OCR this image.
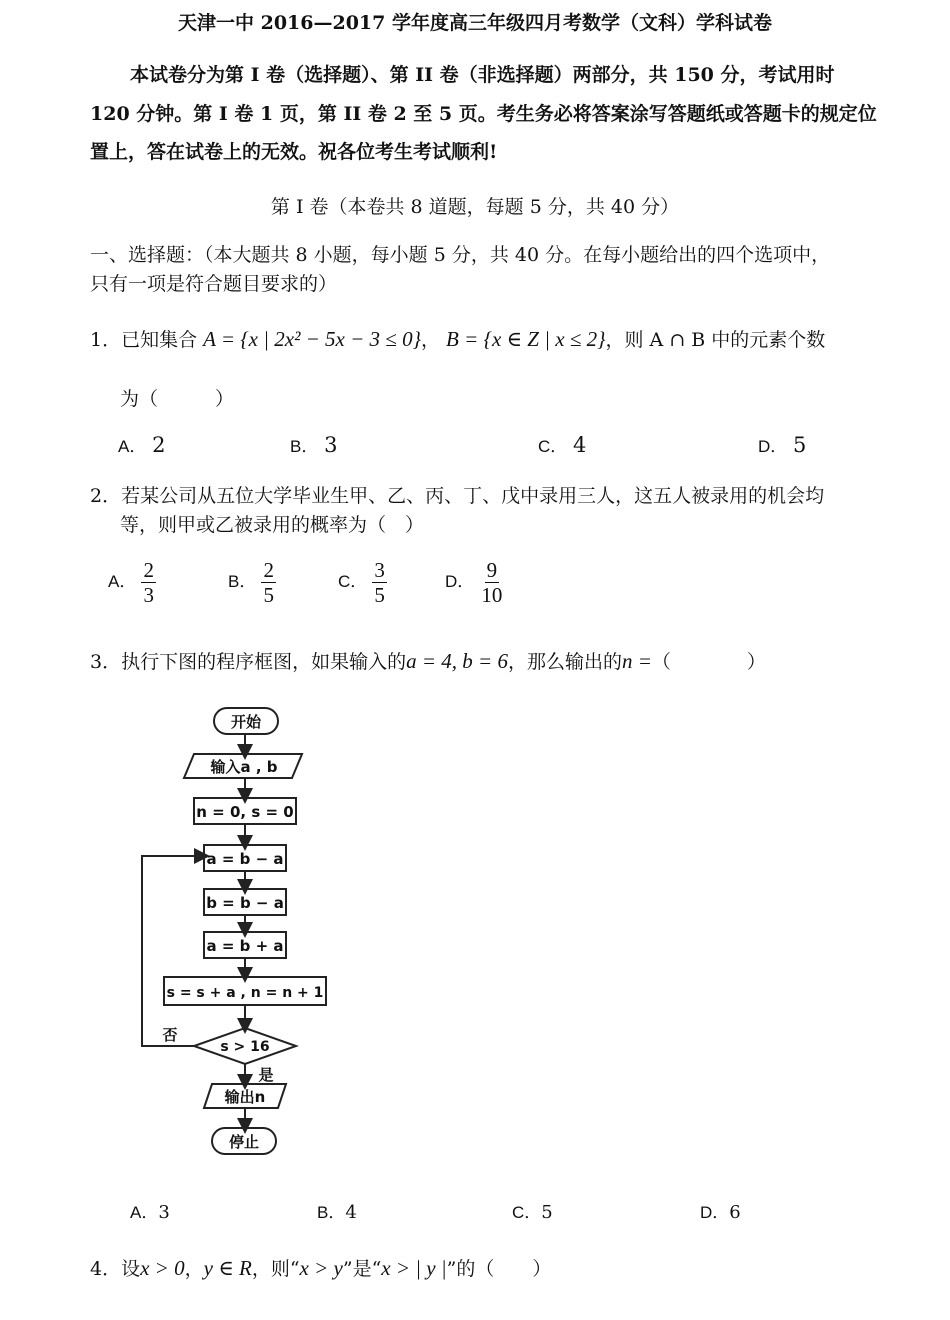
天津一中 2016—2017 学年度高三年级四月考数学（文科）学科试卷
本试卷分为第 I 卷（选择题）、第 II 卷（非选择题）两部分，共 150 分，考试用时
120 分钟。第 I 卷 1 页，第 II 卷 2 至 5 页。考生务必将答案涂写答题纸或答题卡的规定位
置上，答在试卷上的无效。祝各位考生考试顺利!
第 I 卷（本卷共 8 道题，每题 5 分，共 40 分）
一、选择题：（本大题共 8 小题，每小题 5 分，共 40 分。在每小题给出的四个选项中，
只有一项是符合题目要求的）
1．已知集合 A = {x | 2x² − 5x − 3 ≤ 0}， B = {x ∈ Z | x ≤ 2}，则 A ∩ B 中的元素个数
为（　　　）
A． 2	B． 3	C． 4	D． 5
2．若某公司从五位大学毕业生甲、乙、丙、丁、戊中录用三人，这五人被录用的机会均
等，则甲或乙被录用的概率为（　）
A． $\frac{2}{3}$	B． $\frac{2}{5}$	C． $\frac{3}{5}$	D． $\frac{9}{10}$
3．执行下图的程序框图，如果输入的a = 4, b = 6，那么输出的n =（　　　　）
开始
输入a , b
n = 0, s = 0
a = b − a
b = b − a
a = b + a
s = s + a , n = n + 1
s > 16
否
是
输出n
停止
A．3	B．4	C．5	D．6
4．设x > 0，y ∈ R，则“x > y”是“x > | y |”的（　　）
